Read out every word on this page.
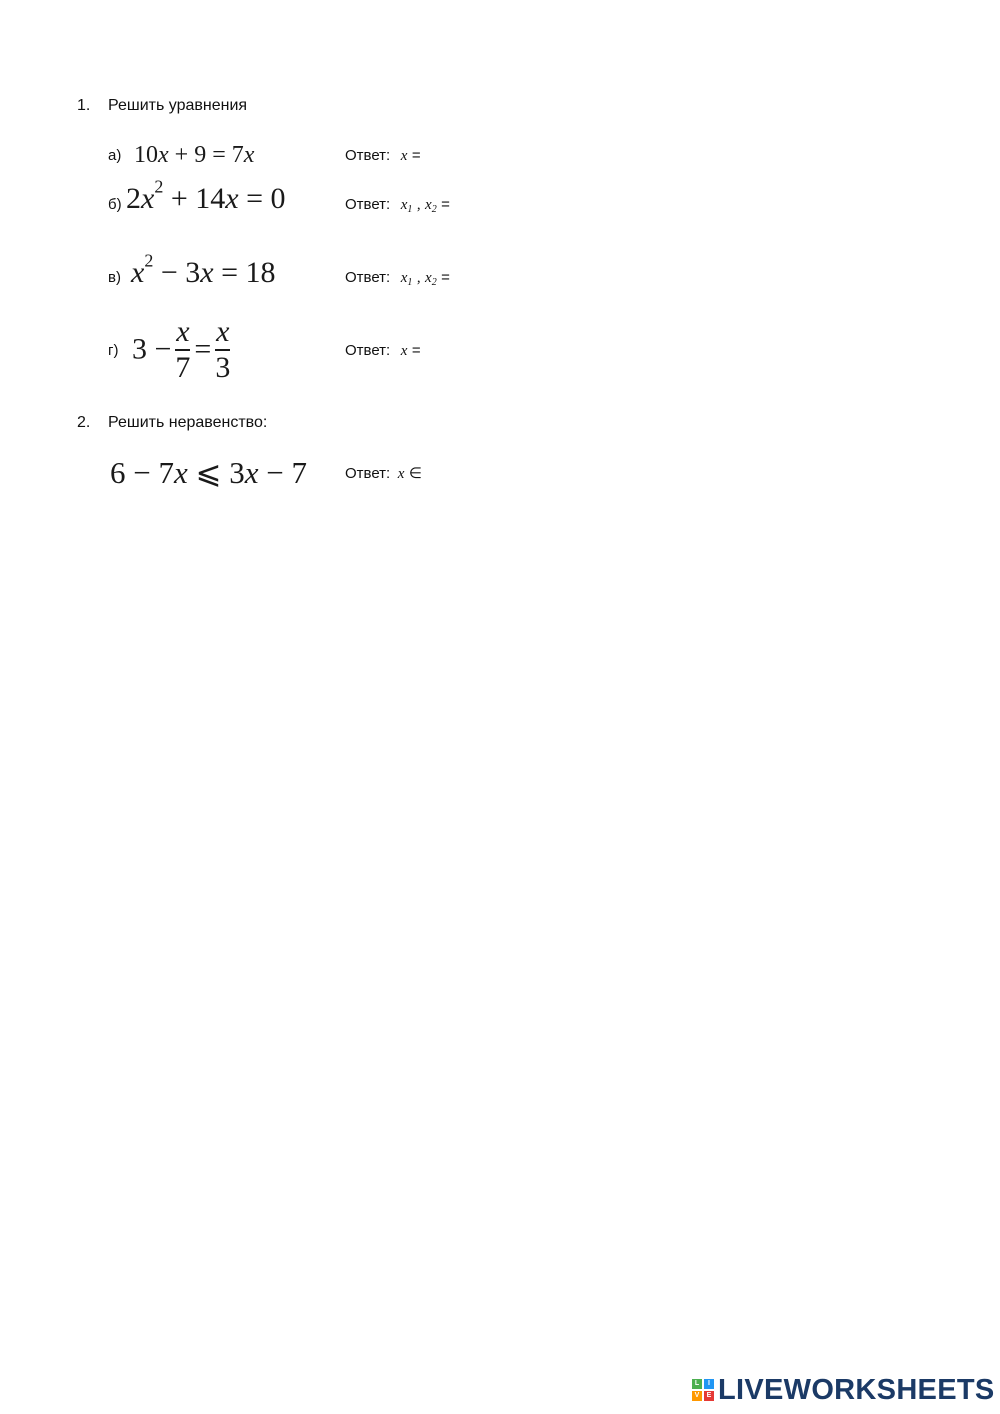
1. Решить уравнения
а) 10x + 9 = 7x	Ответ: x =
б) $2x^2 + 14x = 0$	Ответ: $x_1$ , $x_2$ =
в) $x^2 - 3x = 18$	Ответ: $x_1$ , $x_2$ =
г) $3 - \frac{x}{7} = \frac{x}{3}$	Ответ: x =
2. Решить неравенство:
6 − 7x ⩽ 3x − 7	Ответ: x ∈
L	I
V	E LIVEWORKSHEETS
